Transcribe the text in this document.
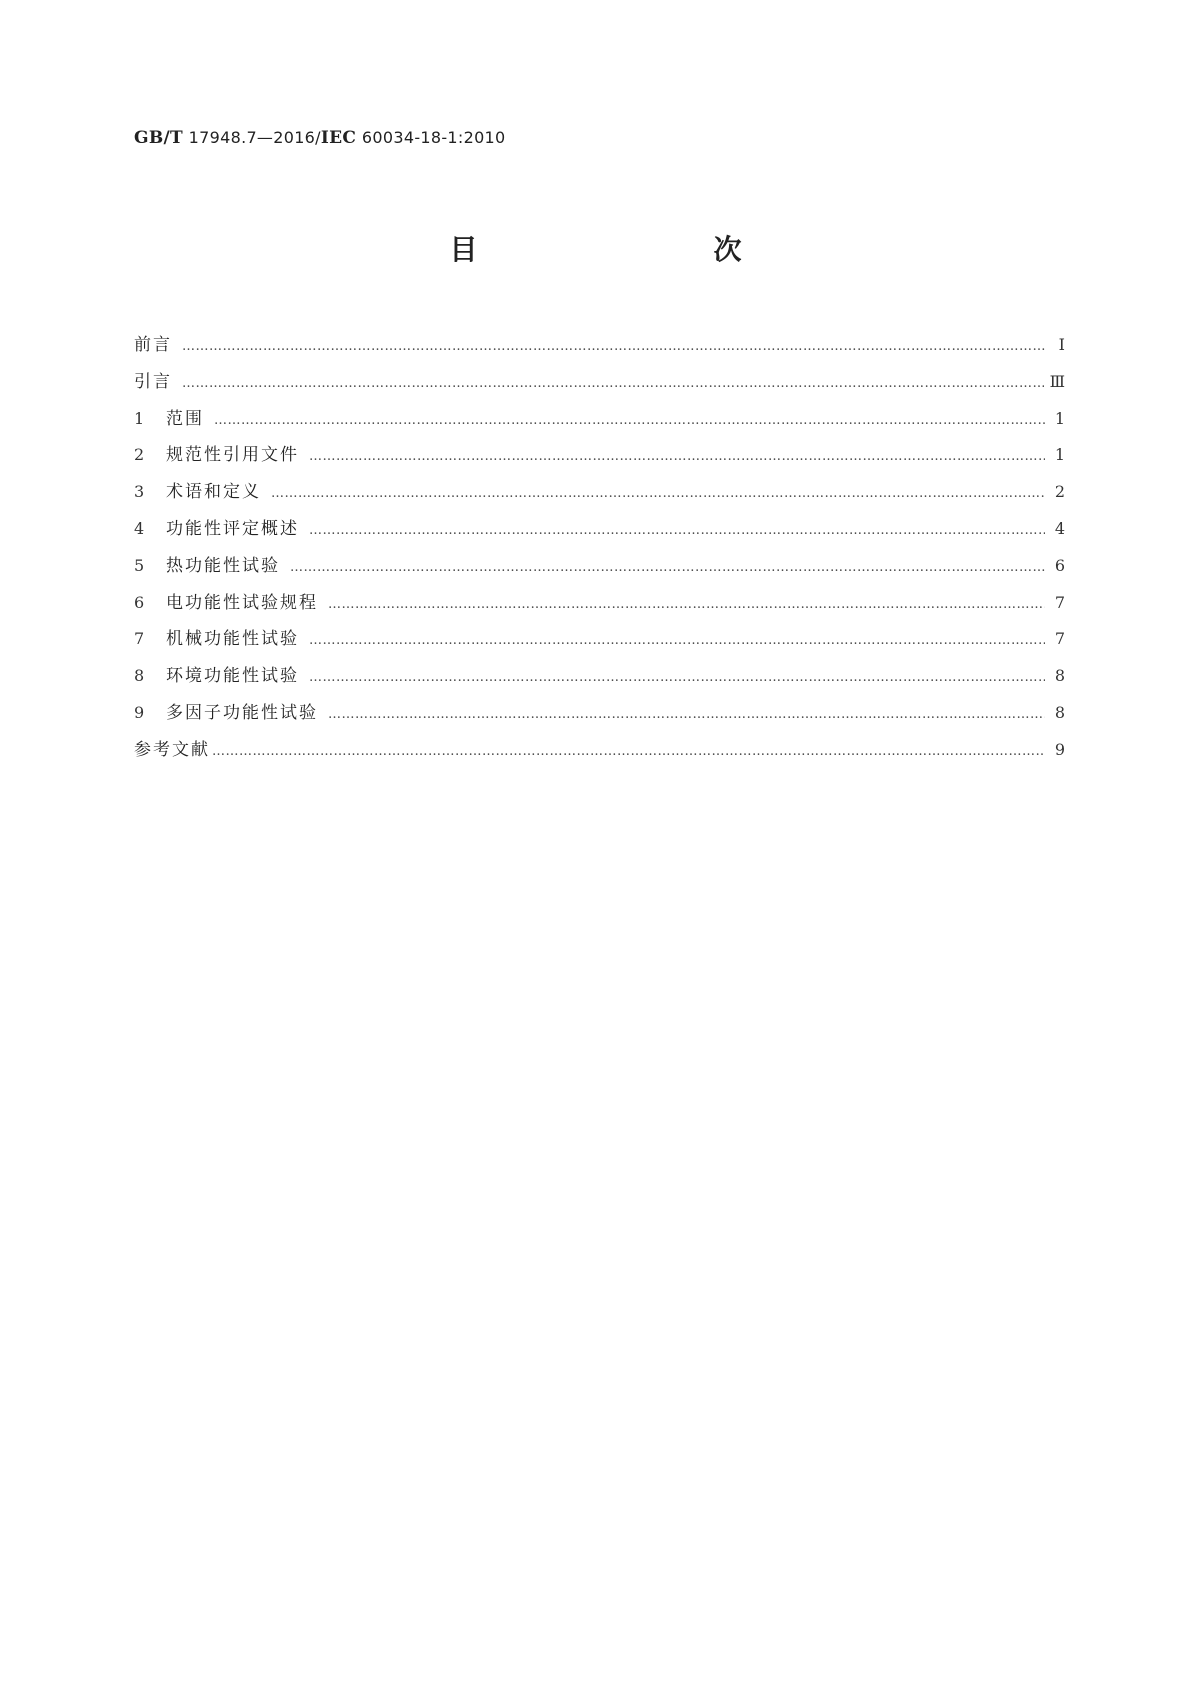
GB/T 17948.7—2016/IEC 60034-18-1:2010
目　　次
前言 …………………………………………………………………………………………………………………………………………………………………………………………………………………………………………………………………………	Ⅰ
引言 …………………………………………………………………………………………………………………………………………………………………………………………………………………………………………………………………………	Ⅲ
1	范围 …………………………………………………………………………………………………………………………………………………………………………………………………………………………………………………………………………	1
2	规范性引用文件 …………………………………………………………………………………………………………………………………………………………………………………………………………………………………………………………………………	1
3	术语和定义 …………………………………………………………………………………………………………………………………………………………………………………………………………………………………………………………………………	2
4	功能性评定概述 …………………………………………………………………………………………………………………………………………………………………………………………………………………………………………………………………………	4
5	热功能性试验 …………………………………………………………………………………………………………………………………………………………………………………………………………………………………………………………………………	6
6	电功能性试验规程 …………………………………………………………………………………………………………………………………………………………………………………………………………………………………………………………………………	7
7	机械功能性试验 …………………………………………………………………………………………………………………………………………………………………………………………………………………………………………………………………………	7
8	环境功能性试验 …………………………………………………………………………………………………………………………………………………………………………………………………………………………………………………………………………	8
9	多因子功能性试验 …………………………………………………………………………………………………………………………………………………………………………………………………………………………………………………………………………	8
参考文献 …………………………………………………………………………………………………………………………………………………………………………………………………………………………………………………………………………	9
